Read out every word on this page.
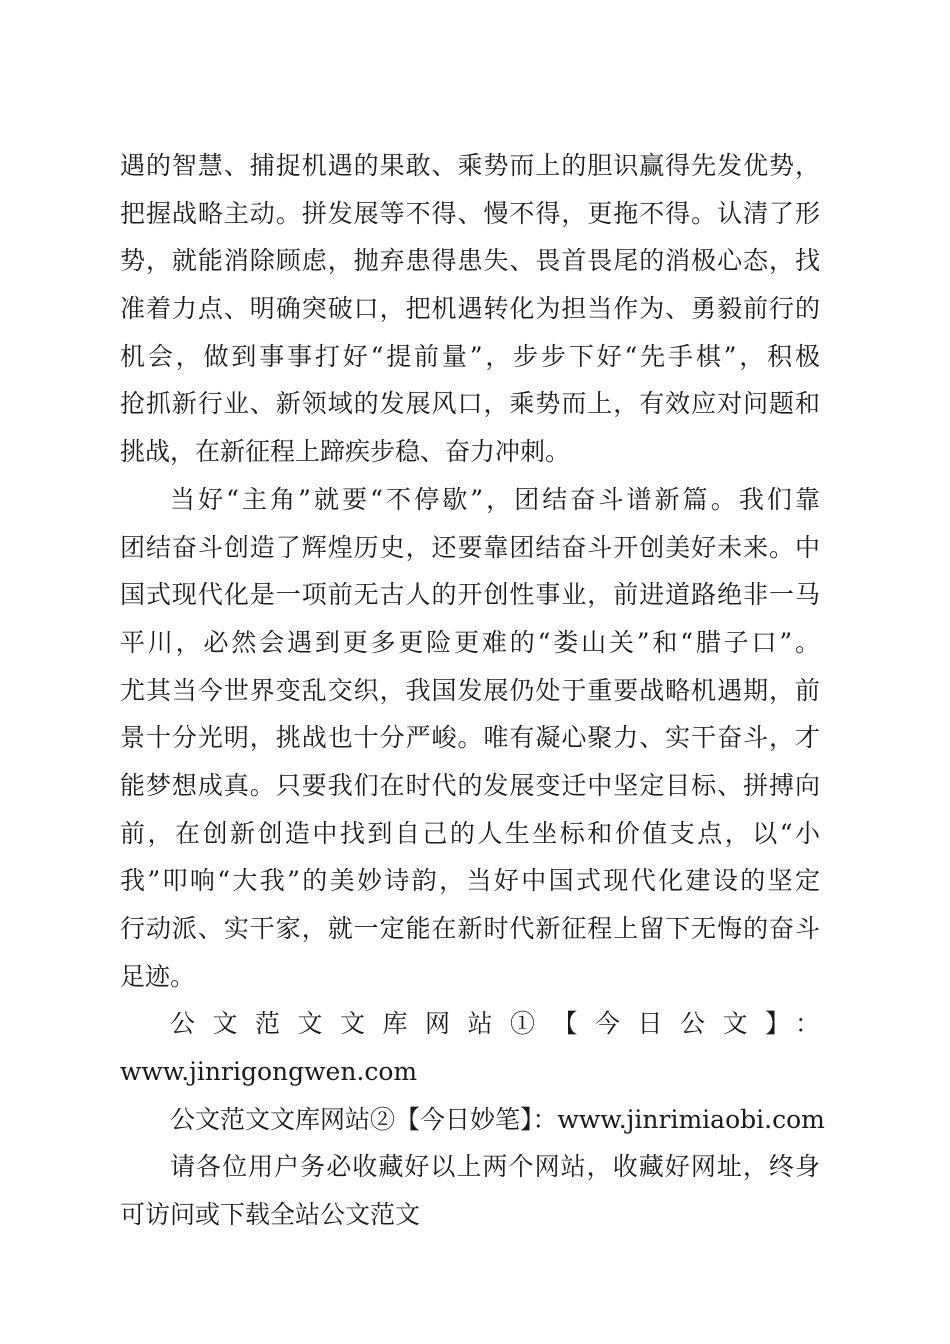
遇的智慧、捕捉机遇的果敢、乘势而上的胆识赢得先发优势，
把握战略主动。拼发展等不得、慢不得，更拖不得。认清了形
势，就能消除顾虑，抛弃患得患失、畏首畏尾的消极心态，找
准着力点、明确突破口，把机遇转化为担当作为、勇毅前行的
机会，做到事事打好“提前量”，步步下好“先手棋”，积极
抢抓新行业、新领域的发展风口，乘势而上，有效应对问题和
挑战，在新征程上蹄疾步稳、奋力冲刺。
当好“主角”就要“不停歇”，团结奋斗谱新篇。我们靠
团结奋斗创造了辉煌历史，还要靠团结奋斗开创美好未来。中
国式现代化是一项前无古人的开创性事业，前进道路绝非一马
平川，必然会遇到更多更险更难的“娄山关”和“腊子口”。
尤其当今世界变乱交织，我国发展仍处于重要战略机遇期，前
景十分光明，挑战也十分严峻。唯有凝心聚力、实干奋斗，才
能梦想成真。只要我们在时代的发展变迁中坚定目标、拼搏向
前，在创新创造中找到自己的人生坐标和价值支点，以“小
我”叩响“大我”的美妙诗韵，当好中国式现代化建设的坚定
行动派、实干家，就一定能在新时代新征程上留下无悔的奋斗
足迹。
公文范文文库网站①【今日公文】：
www.jinrigongwen.com
公文范文文库网站②【今日妙笔】：www.jinrimiaobi.com
请各位用户务必收藏好以上两个网站，收藏好网址，终身
可访问或下载全站公文范文
